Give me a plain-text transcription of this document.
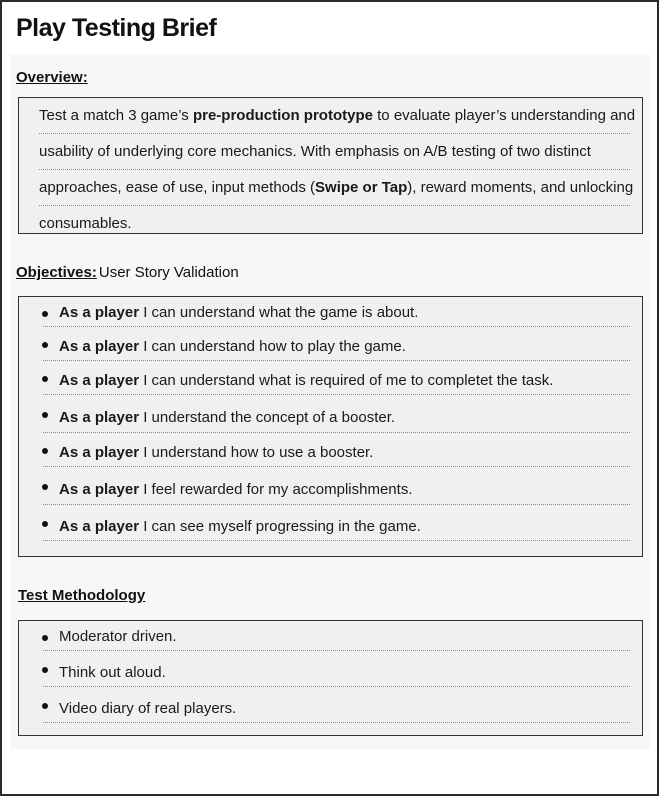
Play Testing Brief
Overview:
Test a match 3 game’s pre-production prototype to evaluate player’s understanding and
usability of underlying core mechanics. With emphasis on A/B testing of two distinct
approaches, ease of use, input methods (Swipe or Tap), reward moments, and unlocking
consumables.
Objectives: User Story Validation
As a player I can understand what the game is about.
As a player I can understand how to play the game.
As a player I can understand what is required of me to completet the task.
As a player I understand the concept of a booster.
As a player I understand how to use a booster.
As a player I feel rewarded for my accomplishments.
As a player I can see myself progressing in the game.
Test Methodology
Moderator driven.
Think out aloud.
Video diary of real players.
